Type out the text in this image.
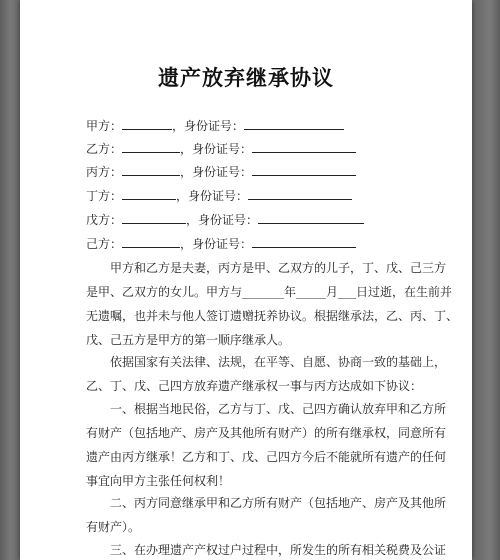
遗产放弃继承协议
甲方：	，身份证号：
乙方：	，身份证号：
丙方：	，身份证号：
丁方：	，身份证号：
戊方：	，身份证号：
己方：	，身份证号：
甲方和乙方是夫妻，丙方是甲、乙双方的儿子，丁、戊、己三方
是甲、乙双方的女儿。甲方与_______年_____月___日过逝，在生前并
无遗嘱，也并未与他人签订遗赠抚养协议。根据继承法，乙、丙、丁、
戊、己五方是甲方的第一顺序继承人。
依据国家有关法律、法规，在平等、自愿、协商一致的基础上，
乙、丁、戊、己四方放弃遗产继承权一事与丙方达成如下协议：
一、根据当地民俗，乙方与丁、戊、己四方确认放弃甲和乙方所
有财产（包括地产、房产及其他所有财产）的所有继承权，同意所有
遗产由丙方继承！乙方和丁、戊、己四方今后不能就所有遗产的任何
事宜向甲方主张任何权利！
二、丙方同意继承甲和乙方所有财产（包括地产、房产及其他所
有财产）。
三、在办理遗产产权过户过程中，所发生的所有相关税费及公证
